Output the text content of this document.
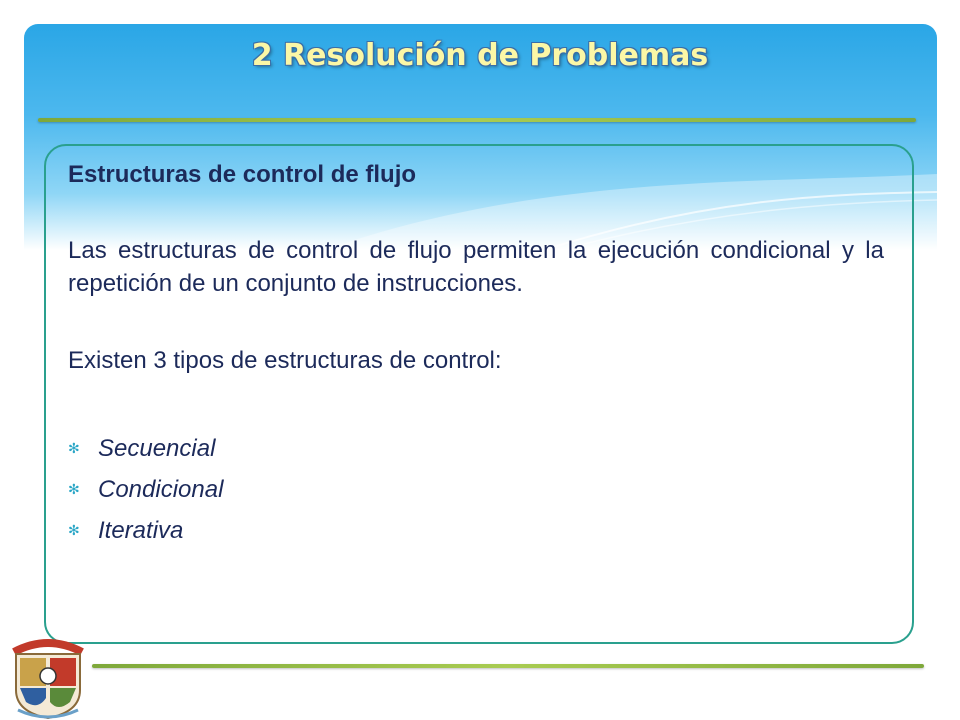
2 Resolución de Problemas

Estructuras de control de flujo

Las estructuras de control de flujo permiten la ejecución condicional y la repetición de un conjunto de instrucciones.

Existen 3 tipos de estructuras de control:

✻ Secuencial
✻ Condicional
✻ Iterativa
